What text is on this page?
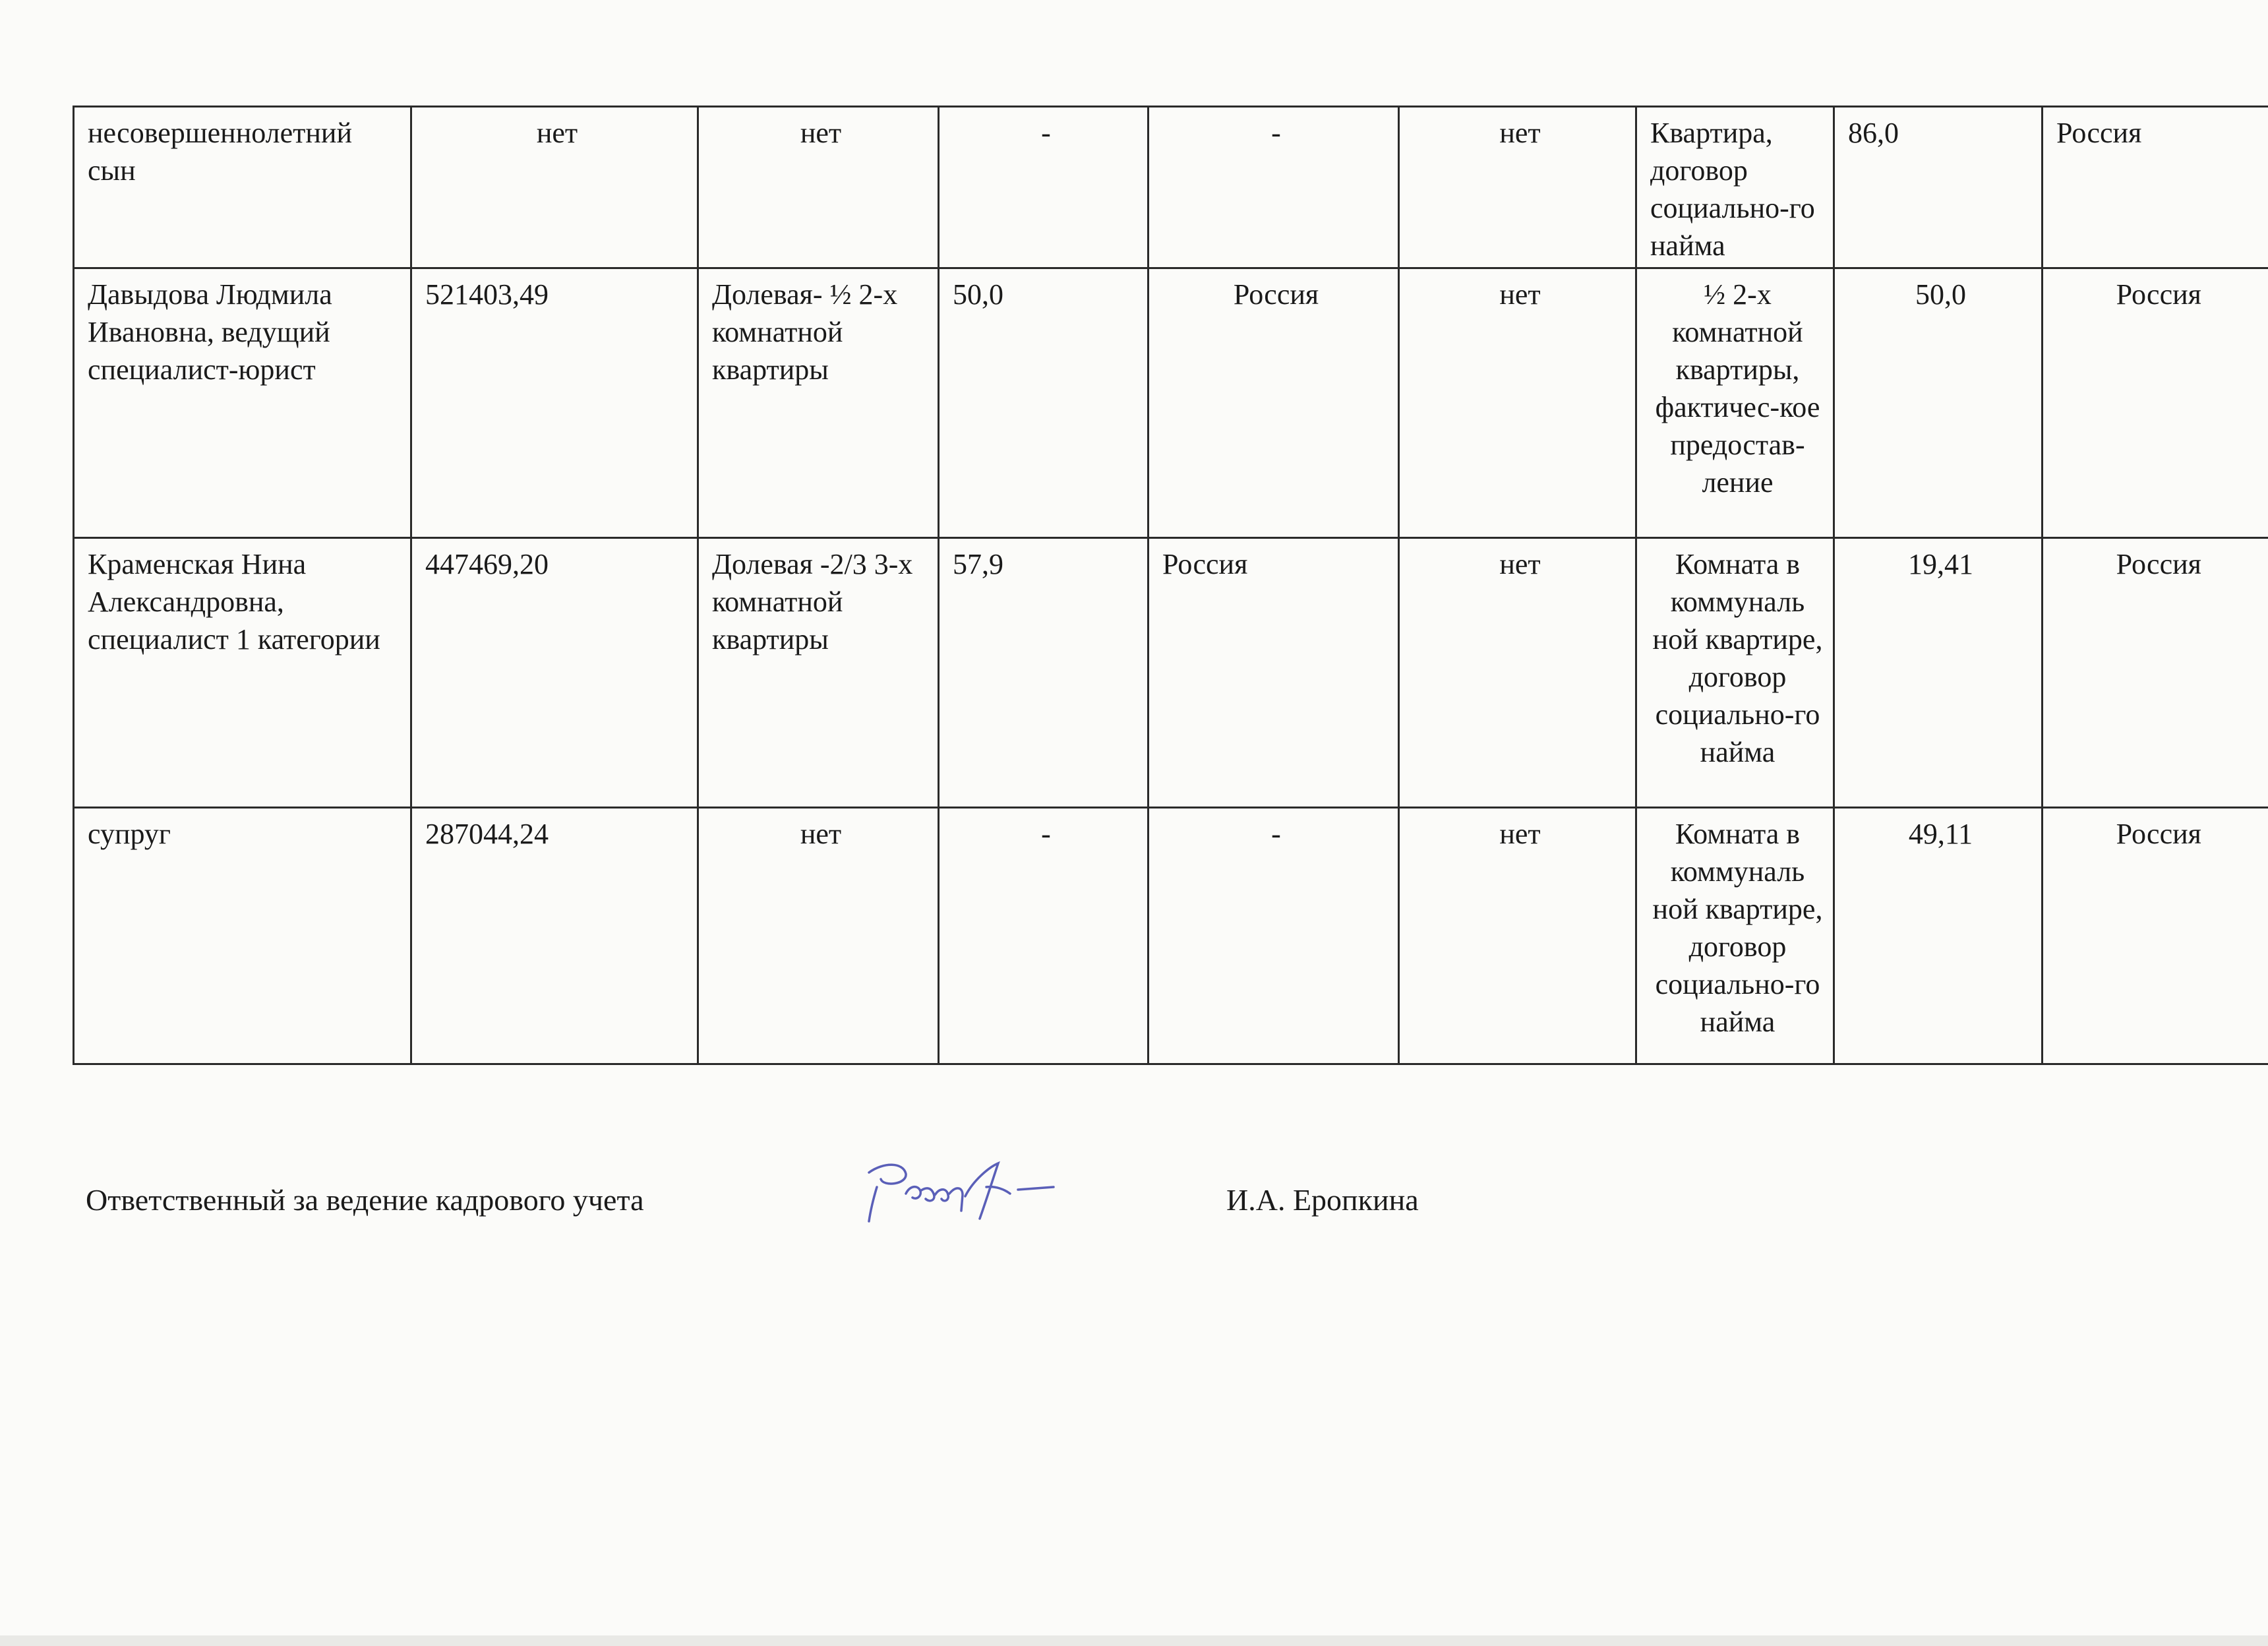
несовершеннолетний сын	нет	нет	-	-	нет	Квартира, договор социально-го найма	86,0	Россия
Давыдова Людмила Ивановна, ведущий специалист-юрист	521403,49	Долевая- ½ 2-х комнатной квартиры	50,0	Россия	нет	½ 2-х комнатной квартиры, фактичес-кое предостав-ление	50,0	Россия
Краменская Нина Александровна, специалист 1 категории	447469,20	Долевая -2/3 3-х комнатной квартиры	57,9	Россия	нет	Комната в коммуналь ной квартире, договор социально-го найма	19,41	Россия
супруг	287044,24	нет	-	-	нет	Комната в коммуналь ной квартире, договор социально-го найма	49,11	Россия
Ответственный за ведение кадрового учета	И.А. Еропкина
